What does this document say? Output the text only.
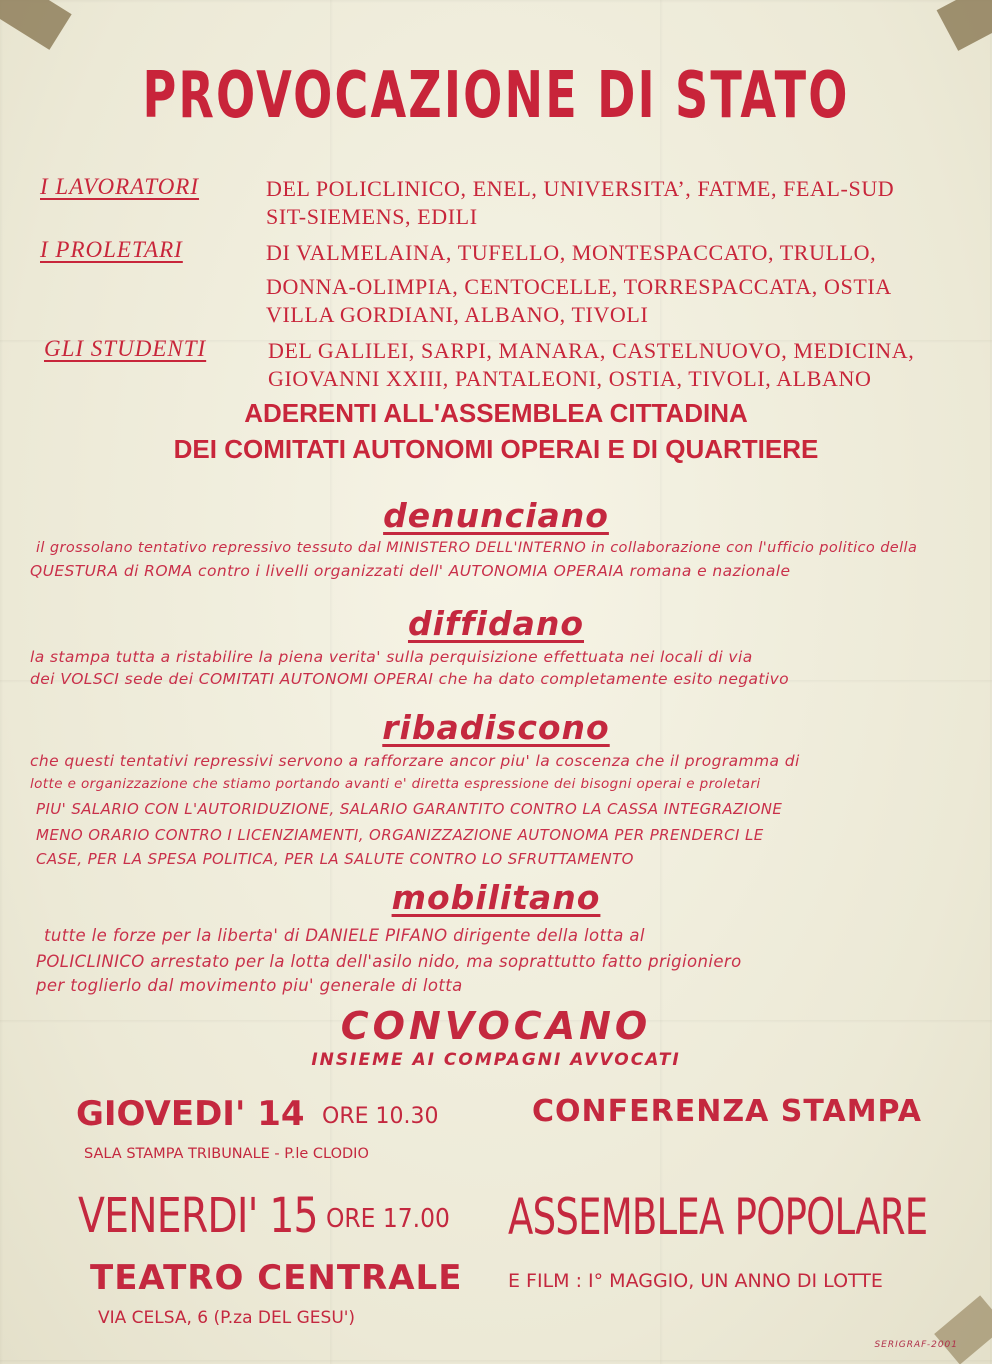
PROVOCAZIONE DI STATO
I LAVORATORI	DEL POLICLINICO, ENEL, UNIVERSITA’, FATME, FEAL-SUD
SIT-SIEMENS, EDILI
I PROLETARI	DI VALMELAINA, TUFELLO, MONTESPACCATO, TRULLO,
DONNA-OLIMPIA, CENTOCELLE, TORRESPACCATA, OSTIA
VILLA GORDIANI, ALBANO, TIVOLI
GLI STUDENTI	DEL GALILEI, SARPI, MANARA, CASTELNUOVO, MEDICINA,
GIOVANNI XXIII, PANTALEONI, OSTIA, TIVOLI, ALBANO
ADERENTI ALL'ASSEMBLEA CITTADINA
DEI COMITATI AUTONOMI OPERAI E DI QUARTIERE
denunciano
il grossolano tentativo repressivo tessuto dal MINISTERO DELL'INTERNO in collaborazione con l'ufficio politico della
QUESTURA di ROMA contro i livelli organizzati dell' AUTONOMIA OPERAIA romana e nazionale
diffidano
la stampa tutta a ristabilire la piena verita' sulla perquisizione effettuata nei locali di via
dei VOLSCI sede dei COMITATI AUTONOMI OPERAI che ha dato completamente esito negativo
ribadiscono
che questi tentativi repressivi servono a rafforzare ancor piu' la coscenza che il programma di
lotte e organizzazione che stiamo portando avanti e' diretta espressione dei bisogni operai e proletari
PIU' SALARIO CON L'AUTORIDUZIONE, SALARIO GARANTITO CONTRO LA CASSA INTEGRAZIONE
MENO ORARIO CONTRO I LICENZIAMENTI, ORGANIZZAZIONE AUTONOMA PER PRENDERCI LE
CASE, PER LA SPESA POLITICA, PER LA SALUTE CONTRO LO SFRUTTAMENTO
mobilitano
tutte le forze per la liberta' di DANIELE PIFANO dirigente della lotta al
POLICLINICO arrestato per la lotta dell'asilo nido, ma soprattutto fatto prigioniero
per toglierlo dal movimento piu' generale di lotta
CONVOCANO
INSIEME AI COMPAGNI AVVOCATI
GIOVEDI' 14 ORE 10.30
SALA STAMPA TRIBUNALE - P.le CLODIO
CONFERENZA STAMPA
VENERDI' 15 ORE 17.00
TEATRO CENTRALE
VIA CELSA, 6 (P.za DEL GESU')
ASSEMBLEA POPOLARE
E FILM : I° MAGGIO, UN ANNO DI LOTTE
SERIGRAF-2001
